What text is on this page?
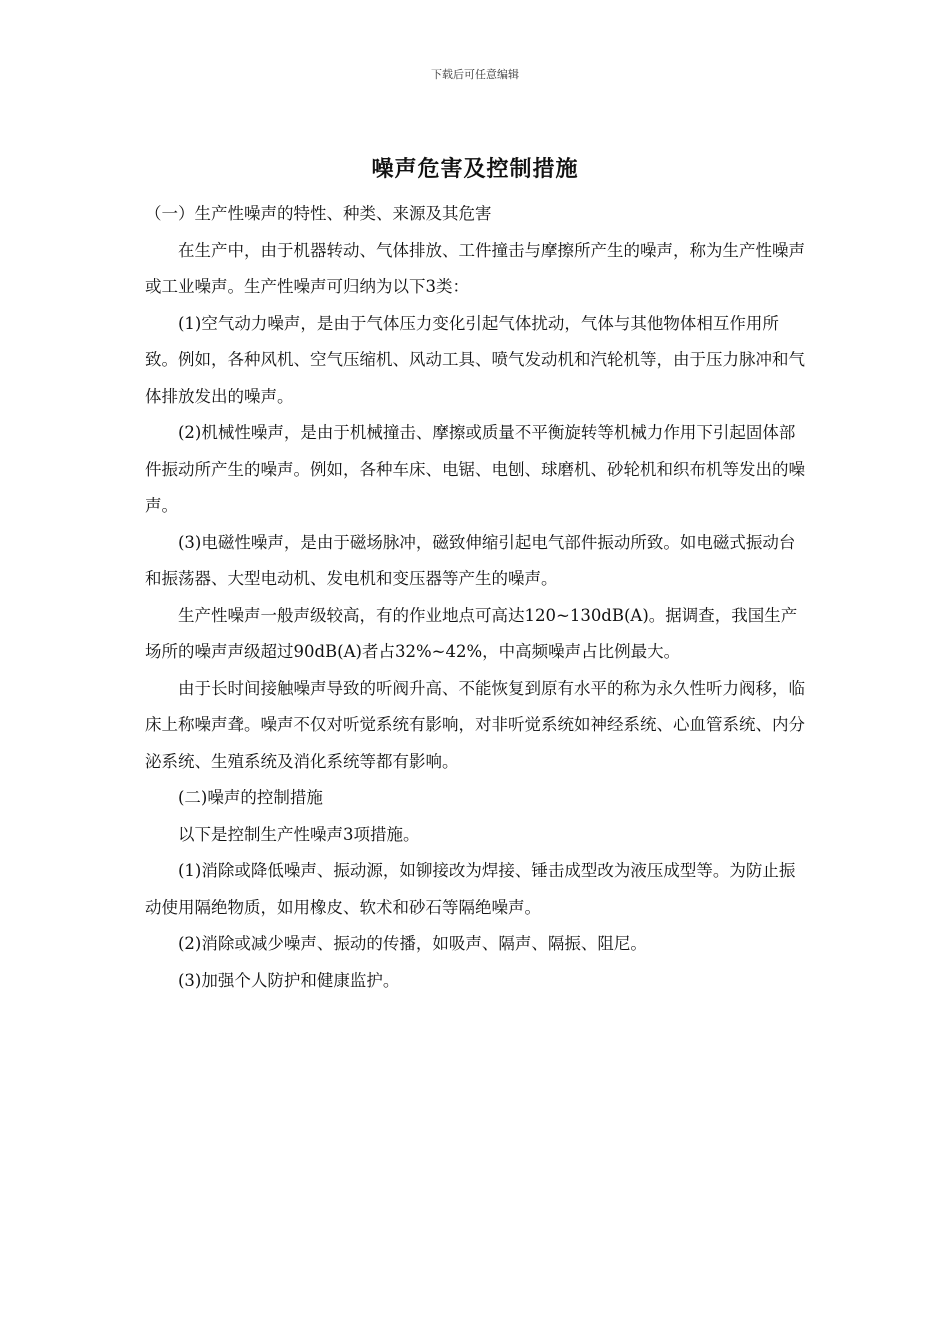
下载后可任意编辑
噪声危害及控制措施

（一）生产性噪声的特性、种类、来源及其危害

在生产中，由于机器转动、气体排放、工件撞击与摩擦所产生的噪声，称为生产性噪声或工业噪声。生产性噪声可归纳为以下3类：

(1)空气动力噪声，是由于气体压力变化引起气体扰动，气体与其他物体相互作用所致。例如，各种风机、空气压缩机、风动工具、喷气发动机和汽轮机等，由于压力脉冲和气体排放发出的噪声。

(2)机械性噪声，是由于机械撞击、摩擦或质量不平衡旋转等机械力作用下引起固体部件振动所产生的噪声。例如，各种车床、电锯、电刨、球磨机、砂轮机和织布机等发出的噪声。

(3)电磁性噪声，是由于磁场脉冲，磁致伸缩引起电气部件振动所致。如电磁式振动台和振荡器、大型电动机、发电机和变压器等产生的噪声。

生产性噪声一般声级较高，有的作业地点可高达120~130dB(A)。据调查，我国生产场所的噪声声级超过90dB(A)者占32%~42%，中高频噪声占比例最大。

由于长时间接触噪声导致的听阀升高、不能恢复到原有水平的称为永久性听力阀移，临床上称噪声聋。噪声不仅对听觉系统有影响，对非听觉系统如神经系统、心血管系统、内分泌系统、生殖系统及消化系统等都有影响。

(二)噪声的控制措施

以下是控制生产性噪声3项措施。

(1)消除或降低噪声、振动源，如铆接改为焊接、锤击成型改为液压成型等。为防止振动使用隔绝物质，如用橡皮、软术和砂石等隔绝噪声。

(2)消除或减少噪声、振动的传播，如吸声、隔声、隔振、阻尼。

(3)加强个人防护和健康监护。
